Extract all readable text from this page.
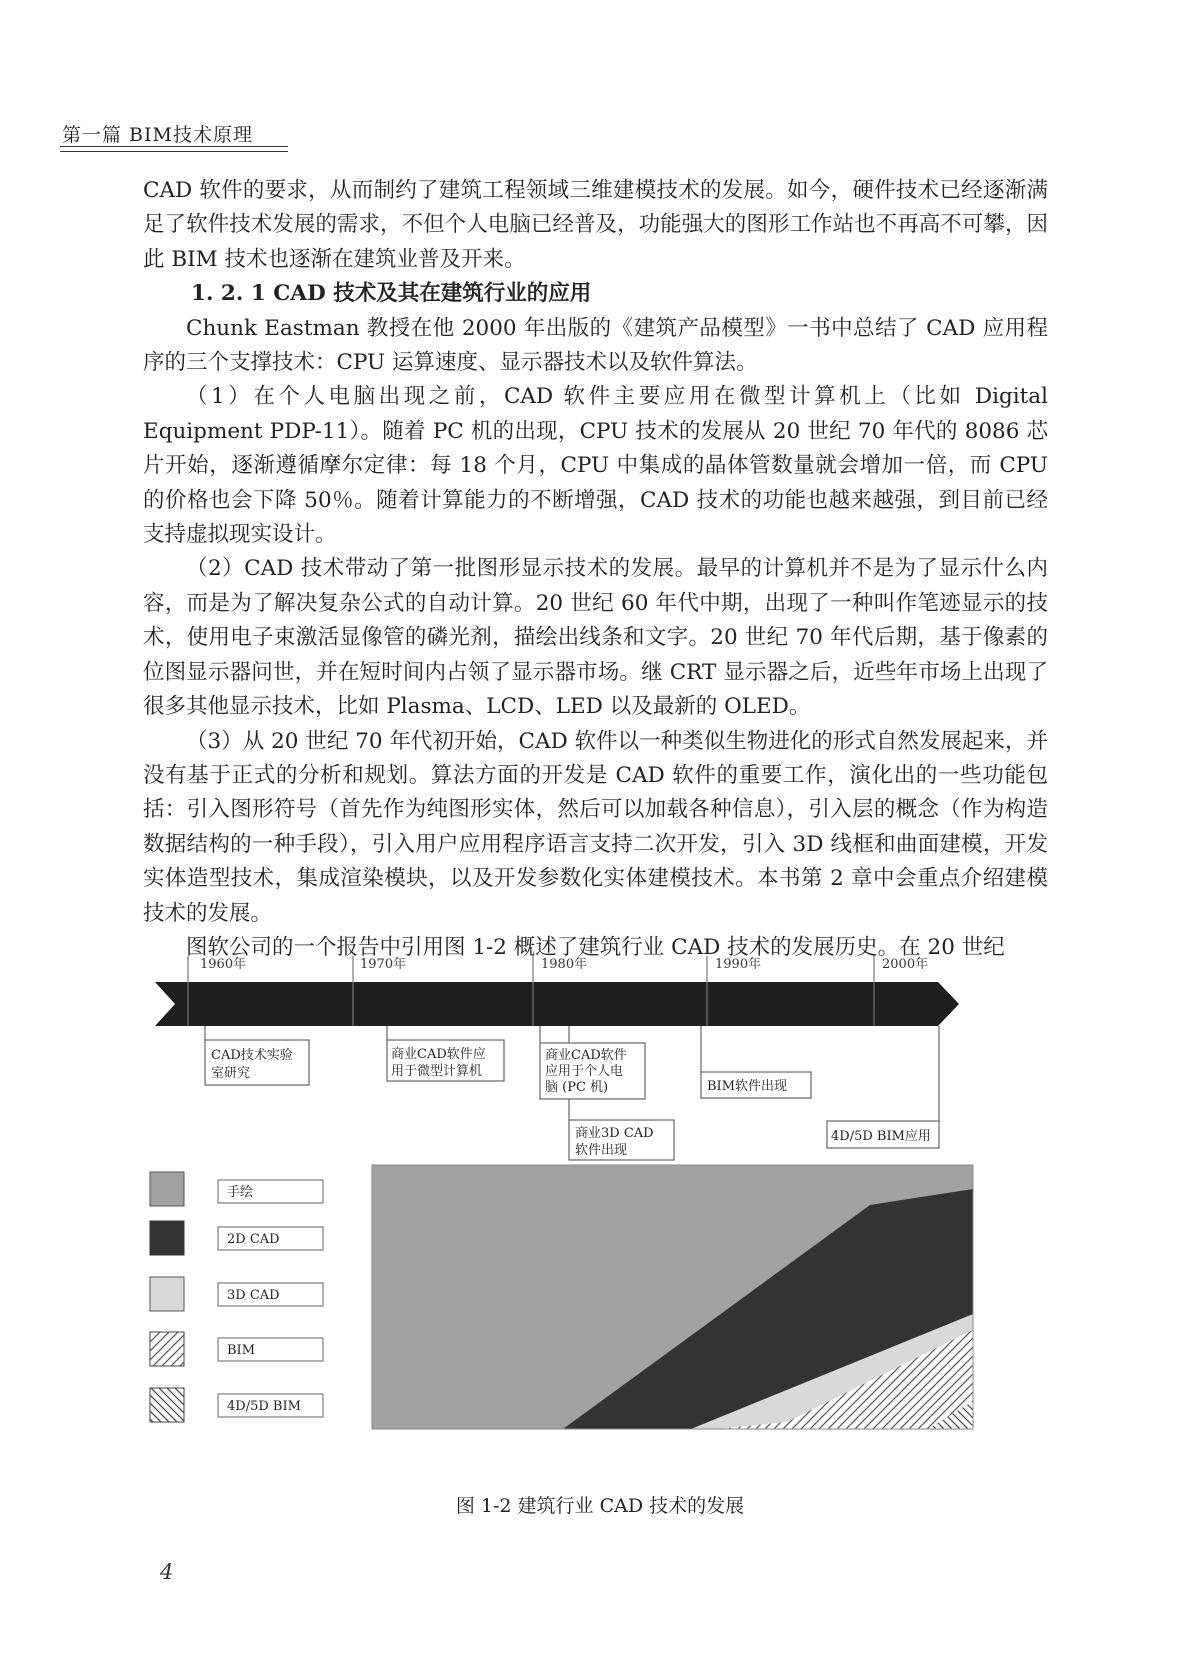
第一篇 BIM技术原理

CAD 软件的要求，从而制约了建筑工程领域三维建模技术的发展。如今，硬件技术已经逐渐满足了软件技术发展的需求，不但个人电脑已经普及，功能强大的图形工作站也不再高不可攀，因此 BIM 技术也逐渐在建筑业普及开来。

1. 2. 1 CAD 技术及其在建筑行业的应用

Chunk Eastman 教授在他 2000 年出版的《建筑产品模型》一书中总结了 CAD 应用程序的三个支撑技术：CPU 运算速度、显示器技术以及软件算法。

（1）在个人电脑出现之前，CAD 软件主要应用在微型计算机上（比如 Digital Equipment PDP-11）。随着 PC 机的出现，CPU 技术的发展从 20 世纪 70 年代的 8086 芯片开始，逐渐遵循摩尔定律：每 18 个月，CPU 中集成的晶体管数量就会增加一倍，而 CPU 的价格也会下降 50％。随着计算能力的不断增强，CAD 技术的功能也越来越强，到目前已经支持虚拟现实设计。

（2）CAD 技术带动了第一批图形显示技术的发展。最早的计算机并不是为了显示什么内容，而是为了解决复杂公式的自动计算。20 世纪 60 年代中期，出现了一种叫作笔迹显示的技术，使用电子束激活显像管的磷光剂，描绘出线条和文字。20 世纪 70 年代后期，基于像素的位图显示器问世，并在短时间内占领了显示器市场。继 CRT 显示器之后，近些年市场上出现了很多其他显示技术，比如 Plasma、LCD、LED 以及最新的 OLED。

（3）从 20 世纪 70 年代初开始，CAD 软件以一种类似生物进化的形式自然发展起来，并没有基于正式的分析和规划。算法方面的开发是 CAD 软件的重要工作，演化出的一些功能包括：引入图形符号（首先作为纯图形实体，然后可以加载各种信息），引入层的概念（作为构造数据结构的一种手段），引入用户应用程序语言支持二次开发，引入 3D 线框和曲面建模，开发实体造型技术，集成渲染模块，以及开发参数化实体建模技术。本书第 2 章中会重点介绍建模技术的发展。

图软公司的一个报告中引用图 1-2 概述了建筑行业 CAD 技术的发展历史。在 20 世纪

1960年	1970年	1980年	1990年	2000年
CAD技术实验
室研究
商业CAD软件应
用于微型计算机
商业CAD软件
应用于个人电
脑 (PC 机)
商业3D CAD
软件出现
BIM软件出现
4D/5D BIM应用
手绘
2D CAD
3D CAD
BIM
4D/5D BIM
图 1-2 建筑行业 CAD 技术的发展
4
